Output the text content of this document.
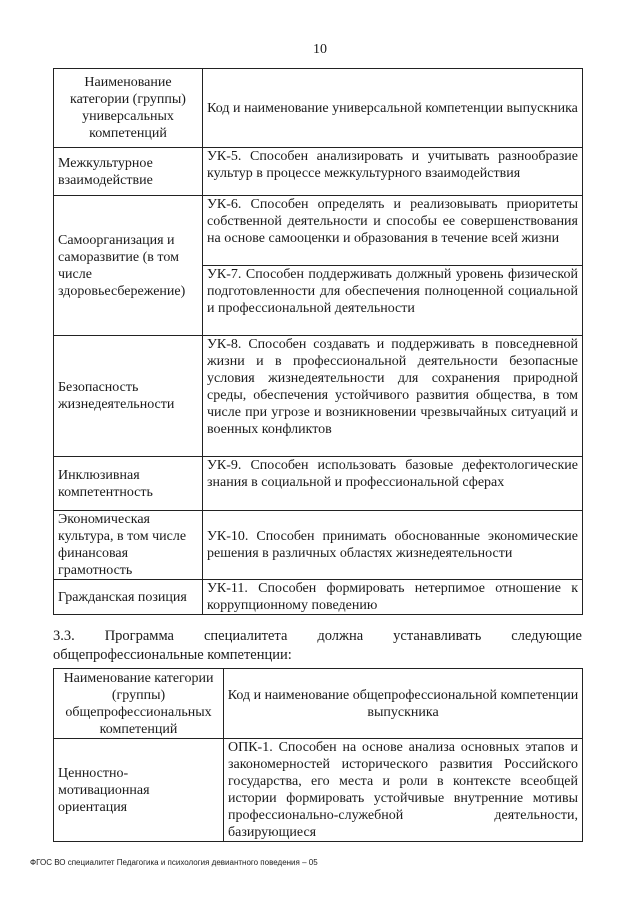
10
Наименование категории (группы) универсальных компетенций	Код и наименование универсальной компетенции выпускника
Межкультурное взаимодействие	УК-5. Способен анализировать и учитывать разнообразие культур в процессе межкультурного взаимодействия
Самоорганизация и саморазвитие (в том числе здоровьесбережение)	УК-6. Способен определять и реализовывать приоритеты собственной деятельности и способы ее совершенствования на основе самооценки и образования в течение всей жизни
	УК-7. Способен поддерживать должный уровень физической подготовленности для обеспечения полноценной социальной и профессиональной деятельности
Безопасность жизнедеятельности	УК-8. Способен создавать и поддерживать в повседневной жизни и в профессиональной деятельности безопасные условия жизнедеятельности для сохранения природной среды, обеспечения устойчивого развития общества, в том числе при угрозе и возникновении чрезвычайных ситуаций и военных конфликтов
Инклюзивная компетентность	УК-9. Способен использовать базовые дефектологические знания в социальной и профессиональной сферах
Экономическая культура, в том числе финансовая грамотность	УК-10. Способен принимать обоснованные экономические решения в различных областях жизнедеятельности
Гражданская позиция	УК-11. Способен формировать нетерпимое отношение к коррупционному поведению
3.3. Программа специалитета должна устанавливать следующие общепрофессиональные компетенции:
Наименование категории (группы) общепрофессиональных компетенций	Код и наименование общепрофессиональной компетенции выпускника
Ценностно-мотивационная ориентация	ОПК-1. Способен на основе анализа основных этапов и закономерностей исторического развития Российского государства, его места и роли в контексте всеобщей истории формировать устойчивые внутренние мотивы профессионально-служебной деятельности, базирующиеся
ФГОС ВО специалитет Педагогика и психология девиантного поведения – 05
